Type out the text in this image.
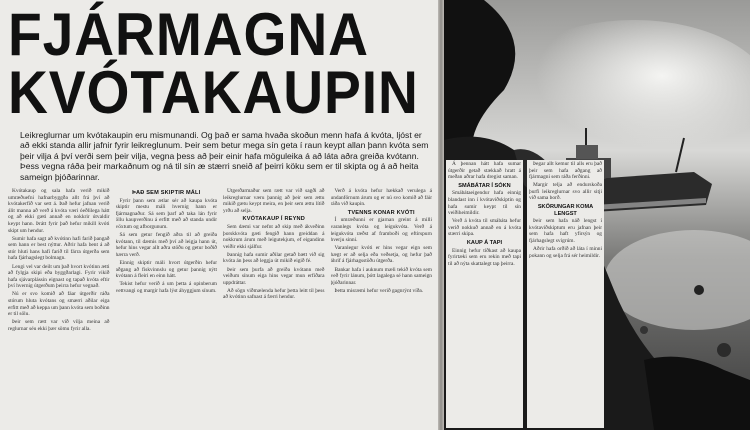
FJÁRMAGNA
KVÓTAKAUPIN

Leikreglurnar um kvótakaupin eru mismunandi. Og það er sama hvaða skoðun menn hafa á kvóta, ljóst er að ekki standa allir jafnir fyrir leikreglunum. Þeir sem betur mega sín geta í raun keypt allan þann kvóta sem þeir vilja á því verði sem þeir vilja, vegna þess að þeir einir hafa möguleika á að láta aðra greiða kvótann. Þess vegna ráða þeir markaðnum og ná til sín æ stærri sneið af þeirri köku sem er til skipta og á að heita sameign þjóðarinnar.

Kvótakaup og sala hafa verið mikið umræðuefni hafnarbyggða allt frá því að kvótakerfið var sett á. Það hefur jafnan verið álit manna að verð á kvóta væri óeðlilega hátt og að ekki gæti annað en nokkrir útvaldir keypt hann. Þrátt fyrir það hefur mikill kvóti skipt um hendur.

Sumir hafa sagt að kvótinn hafi farið þangað sem hann er best nýttur. Aðrir hafa bent á að stór hluti hans hafi farið til fárra útgerða sem hafa fjárhagslegt bolmagn.

Lengi vel var deilt um það hvort kvótinn ætti að fylgja skipi eða byggðarlagi. Fyrir vikið hafa sjávarplássin eignast og tapað kvóta eftir því hvernig útgerðum þeirra hefur vegnað.

Nú er svo komið að fáar útgerðir ráða stórum hluta kvótans og smærri aðilar eiga erfitt með að keppa um þann kvóta sem boðinn er til sölu.

Þeir sem rætt var við vilja meina að reglurnar séu ekki þær sömu fyrir alla.

ÞAÐ SEM SKIPTIR MÁLI

Fyrir þann sem ætlar sér að kaupa kvóta skiptir mestu máli hvernig hann er fjármagnaður. Sá sem þarf að taka lán fyrir öllu kaupverðinu á erfitt með að standa undir vöxtum og afborgunum.

Sá sem getur fengið aðra til að greiða kvótann, til dæmis með því að leigja hann út, hefur hins vegar allt aðra stöðu og getur boðið hærra verð.

Einnig skiptir máli hvort útgerðin hefur aðgang að fiskvinnslu og getur þannig nýtt kvótann á fleiri en einn hátt.

Tekist hefur verið á um þetta á opinberum vettvangi og margir hafa lýst áhyggjum sínum.

Útgerðarmaður sem rætt var við sagði að leikreglurnar væru þannig að þeir sem ættu mikið gætu keypt meira, en þeir sem ættu lítið yrðu að selja.

KVÓTAKAUP Í REYND

Sem dæmi var nefnt að skip með ákveðinn þorskkvóta gæti fengið hann greiddan á nokkrum árum með leigutekjum, ef eigandinn veiðir ekki sjálfur.

Þannig hafa sumir aðilar getað bætt við sig kvóta án þess að leggja út mikið eigið fé.

Þeir sem þurfa að greiða kvótann með veiðum sínum eiga hins vegar mun erfiðara uppdráttar.

Að sögn viðmælenda hefur þetta leitt til þess að kvótinn safnast á færri hendur.

Verð á kvóta hefur hækkað verulega á undanförnum árum og er nú svo komið að fáir ráða við kaupin.

TVENNS KONAR KVÓTI

Í umræðunni er gjarnan greint á milli varanlegs kvóta og leigukvóta. Verð á leigukvóta ræðst af framboði og eftirspurn hverju sinni.

Varanlegur kvóti er hins vegar eign sem hægt er að selja eða veðsetja, og hefur það áhrif á fjárhagsstöðu útgerða.

Bankar hafa í auknum mæli tekið kvóta sem veð fyrir lánum, þótt lagalega sé hann sameign þjóðarinnar.

Þetta misræmi hefur verið gagnrýnt víða.

Á þennan hátt hafa sumar útgerðir getað stækkað hratt á meðan aðrar hafa dregist saman.

SMÁBÁTAR Í SÓKN

Smábátaeigendur hafa einnig blandast inn í kvótaviðskiptin og hafa sumir keypt til sín veiðiheimildir.

Verð á kvóta til smábáta hefur verið nokkuð annað en á kvóta stærri skipa.

KAUP Á TAPI

Einnig hefur tíðkast að kaupa fyrirtæki sem eru rekin með tapi til að nýta skattalegt tap þeirra.

Þegar allt kemur til alls eru það þeir sem hafa aðgang að fjármagni sem ráða ferðinni.

Margir telja að endurskoða þurfi leikreglurnar svo allir sitji við sama borð.

SKÖRUNGAR KOMA LENGST

Þeir sem hafa náð lengst í kvótaviðskiptum eru jafnan þeir sem hafa haft yfirsýn og fjárhagslegt svigrúm.

Aðrir hafa orðið að láta í minni pokann og selja frá sér heimildir.
